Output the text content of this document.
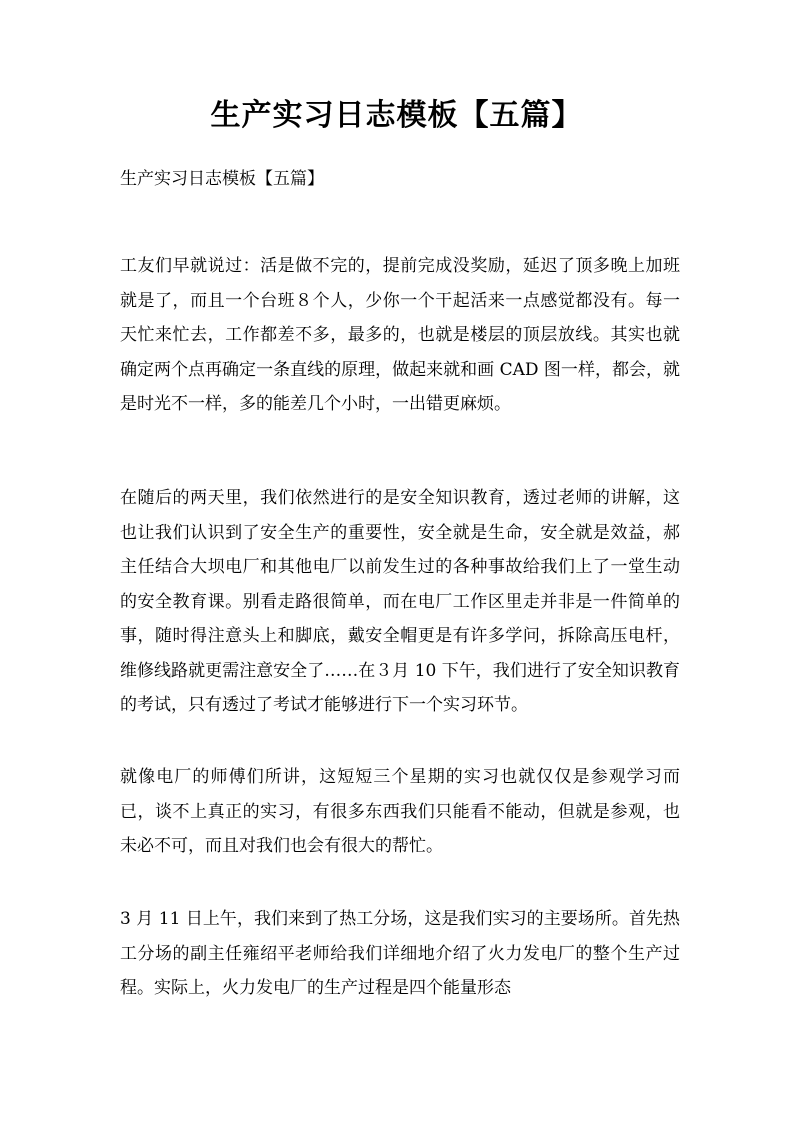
生产实习日志模板【五篇】
生产实习日志模板【五篇】

工友们早就说过：活是做不完的，提前完成没奖励，延迟了顶多晚上加班就是了，而且一个台班８个人，少你一个干起活来一点感觉都没有。每一天忙来忙去，工作都差不多，最多的，也就是楼层的顶层放线。其实也就确定两个点再确定一条直线的原理，做起来就和画 CAD 图一样，都会，就是时光不一样，多的能差几个小时，一出错更麻烦。

在随后的两天里，我们依然进行的是安全知识教育，透过老师的讲解，这也让我们认识到了安全生产的重要性，安全就是生命，安全就是效益，郝主任结合大坝电厂和其他电厂以前发生过的各种事故给我们上了一堂生动的安全教育课。别看走路很简单，而在电厂工作区里走并非是一件简单的事，随时得注意头上和脚底，戴安全帽更是有许多学问，拆除高压电杆，维修线路就更需注意安全了……在３月 10 下午，我们进行了安全知识教育的考试，只有透过了考试才能够进行下一个实习环节。

就像电厂的师傅们所讲，这短短三个星期的实习也就仅仅是参观学习而已，谈不上真正的实习，有很多东西我们只能看不能动，但就是参观，也未必不可，而且对我们也会有很大的帮忙。

3 月 11 日上午，我们来到了热工分场，这是我们实习的主要场所。首先热工分场的副主任雍绍平老师给我们详细地介绍了火力发电厂的整个生产过程。实际上，火力发电厂的生产过程是四个能量形态
